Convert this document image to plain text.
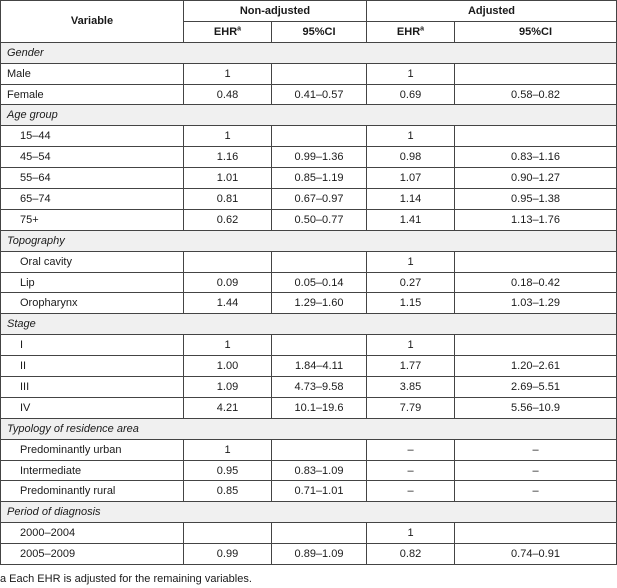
Variable	Non-adjusted		Adjusted	
	EHR$^a$	95%CI	EHR$^a$	95%CI
Gender				
Male	1		1	
Female	0.48	0.41–0.57	0.69	0.58–0.82
Age group				
15–44	1		1	
45–54	1.16	0.99–1.36	0.98	0.83–1.16
55–64	1.01	0.85–1.19	1.07	0.90–1.27
65–74	0.81	0.67–0.97	1.14	0.95–1.38
75+	0.62	0.50–0.77	1.41	1.13–1.76
Topography				
Oral cavity			1	
Lip	0.09	0.05–0.14	0.27	0.18–0.42
Oropharynx	1.44	1.29–1.60	1.15	1.03–1.29
Stage				
I	1		1	
II	1.00	1.84–4.11	1.77	1.20–2.61
III	1.09	4.73–9.58	3.85	2.69–5.51
IV	4.21	10.1–19.6	7.79	5.56–10.9
Typology of residence area				
Predominantly urban	1		–	–
Intermediate	0.95	0.83–1.09	–	–
Predominantly rural	0.85	0.71–1.01	–	–
Period of diagnosis				
2000–2004			1	
2005–2009	0.99	0.89–1.09	0.82	0.74–0.91
a Each EHR is adjusted for the remaining variables.
